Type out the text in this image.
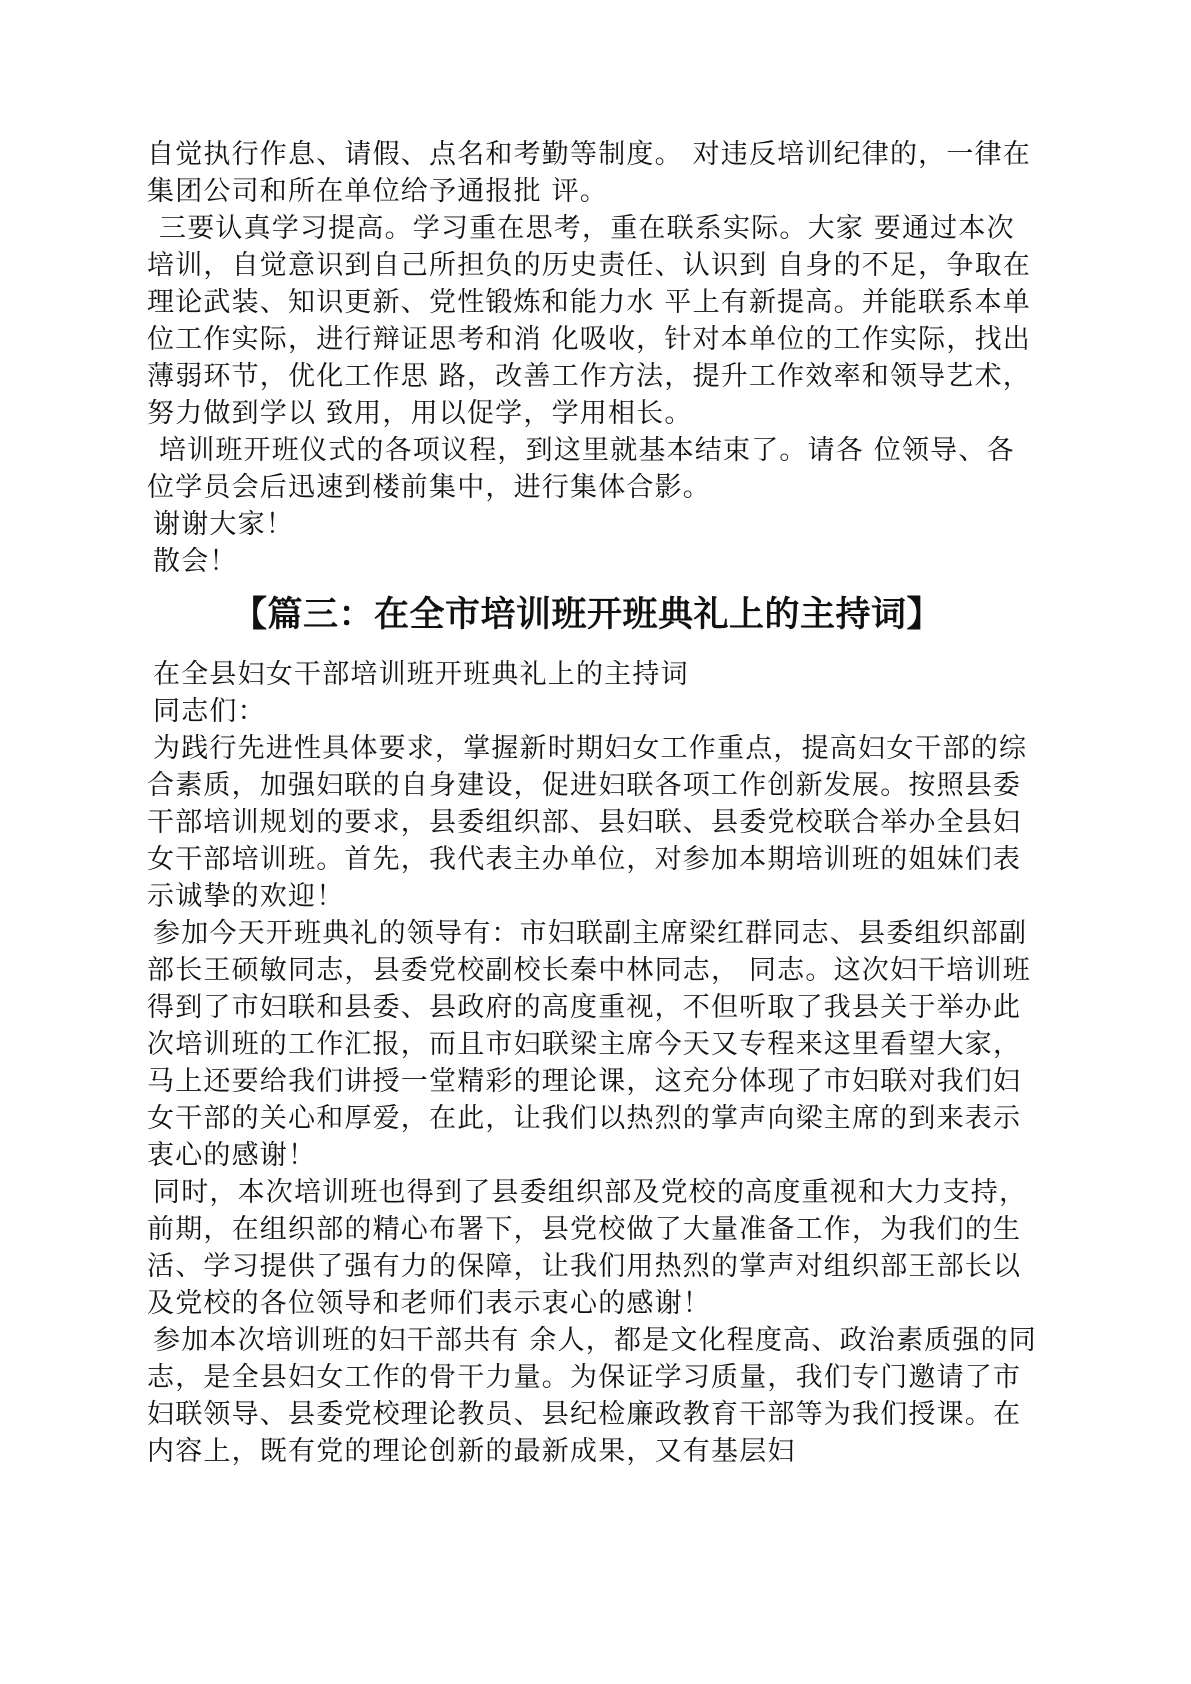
自觉执行作息、请假、点名和考勤等制度。 对违反培训纪律的，一律在集团公司和所在单位给予通报批 评。

三要认真学习提高。学习重在思考，重在联系实际。大家 要通过本次培训，自觉意识到自己所担负的历史责任、认识到 自身的不足，争取在理论武装、知识更新、党性锻炼和能力水 平上有新提高。并能联系本单位工作实际，进行辩证思考和消 化吸收，针对本单位的工作实际，找出薄弱环节，优化工作思 路，改善工作方法，提升工作效率和领导艺术，努力做到学以 致用，用以促学，学用相长。

培训班开班仪式的各项议程，到这里就基本结束了。请各 位领导、各位学员会后迅速到楼前集中，进行集体合影。

谢谢大家！

散会！

【篇三：在全市培训班开班典礼上的主持词】

在全县妇女干部培训班开班典礼上的主持词

同志们：

为践行先进性具体要求，掌握新时期妇女工作重点，提高妇女干部的综合素质，加强妇联的自身建设，促进妇联各项工作创新发展。按照县委干部培训规划的要求，县委组织部、县妇联、县委党校联合举办全县妇女干部培训班。首先，我代表主办单位，对参加本期培训班的姐妹们表示诚挚的欢迎！

参加今天开班典礼的领导有：市妇联副主席梁红群同志、县委组织部副部长王硕敏同志，县委党校副校长秦中林同志， 同志。这次妇干培训班得到了市妇联和县委、县政府的高度重视，不但听取了我县关于举办此次培训班的工作汇报，而且市妇联梁主席今天又专程来这里看望大家，马上还要给我们讲授一堂精彩的理论课，这充分体现了市妇联对我们妇女干部的关心和厚爱，在此，让我们以热烈的掌声向梁主席的到来表示衷心的感谢！

同时，本次培训班也得到了县委组织部及党校的高度重视和大力支持，前期，在组织部的精心布署下，县党校做了大量准备工作，为我们的生活、学习提供了强有力的保障，让我们用热烈的掌声对组织部王部长以及党校的各位领导和老师们表示衷心的感谢！

参加本次培训班的妇干部共有 余人，都是文化程度高、政治素质强的同志，是全县妇女工作的骨干力量。为保证学习质量，我们专门邀请了市妇联领导、县委党校理论教员、县纪检廉政教育干部等为我们授课。在内容上，既有党的理论创新的最新成果，又有基层妇
